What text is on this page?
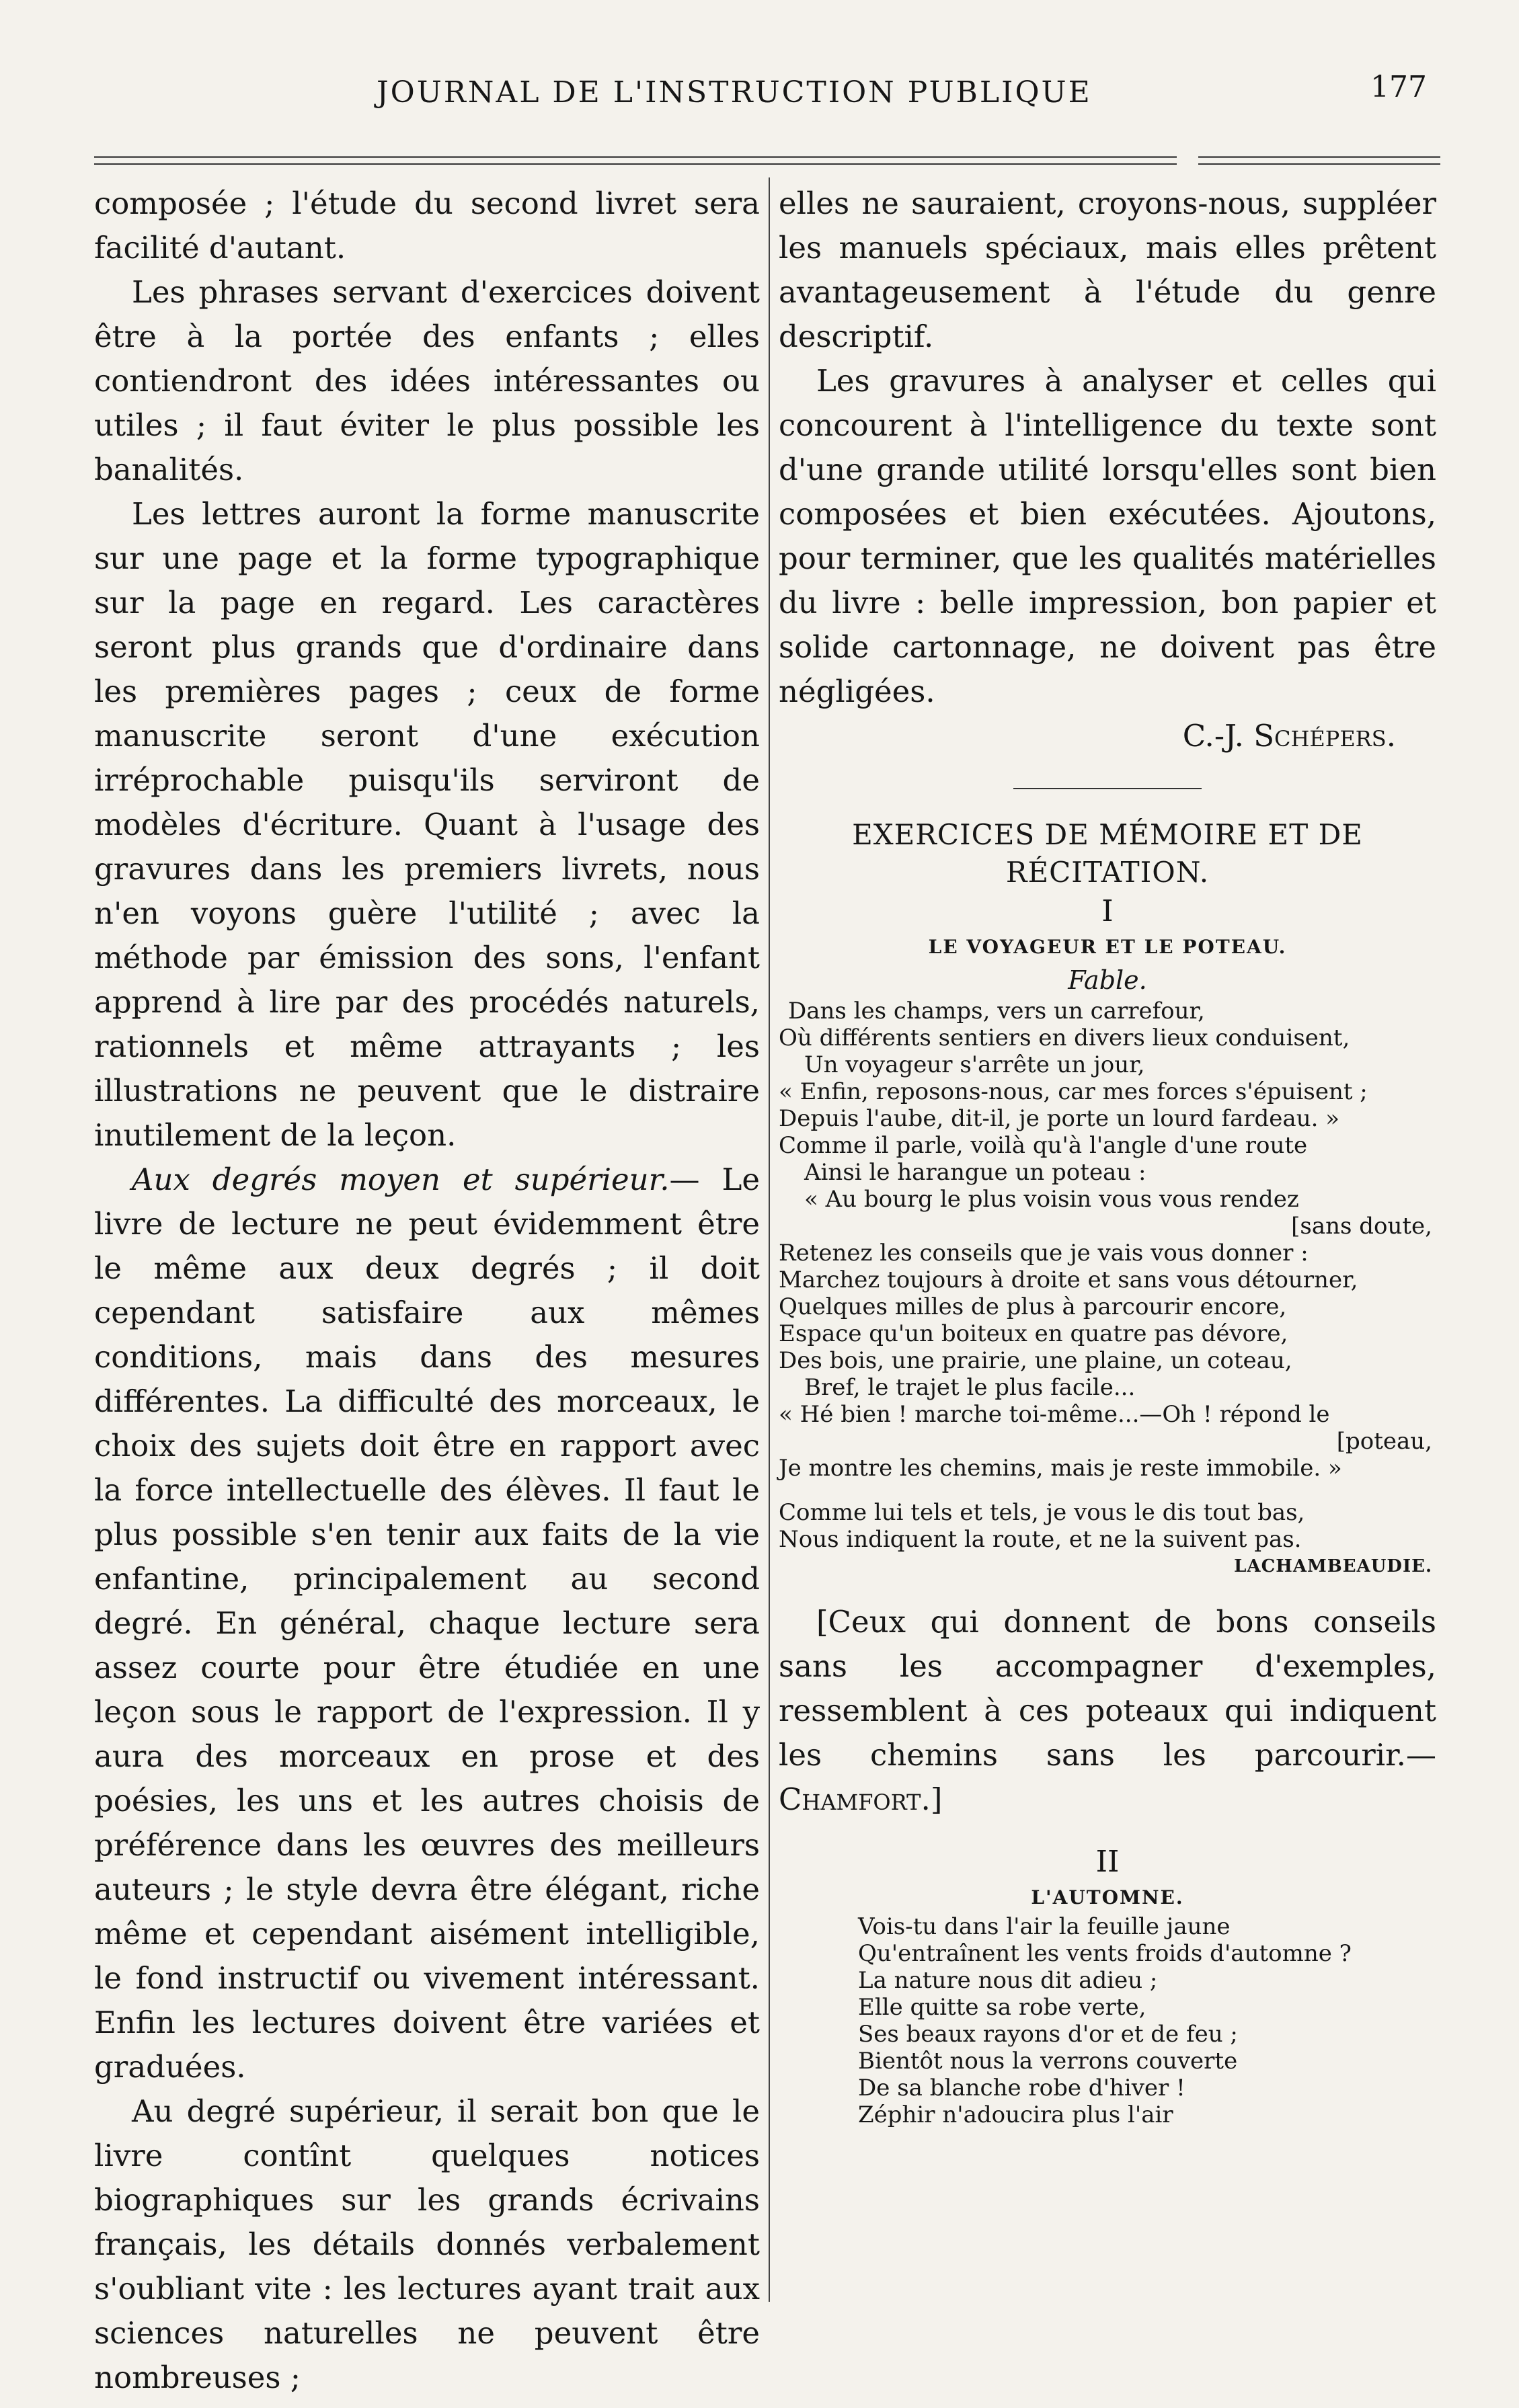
JOURNAL DE L'INSTRUCTION PUBLIQUE	177

composée ; l'étude du second livret sera facilité d'autant.

Les phrases servant d'exercices doivent être à la portée des enfants ; elles contiendront des idées intéressantes ou utiles ; il faut éviter le plus possible les banalités.

Les lettres auront la forme manuscrite sur une page et la forme typographique sur la page en regard. Les caractères seront plus grands que d'ordinaire dans les premières pages ; ceux de forme manuscrite seront d'une exécution irréprochable puisqu'ils serviront de modèles d'écriture. Quant à l'usage des gravures dans les premiers livrets, nous n'en voyons guère l'utilité ; avec la méthode par émission des sons, l'enfant apprend à lire par des procédés naturels, rationnels et même attrayants ; les illustrations ne peuvent que le distraire inutilement de la leçon.

Aux degrés moyen et supérieur.— Le livre de lecture ne peut évidemment être le même aux deux degrés ; il doit cependant satisfaire aux mêmes conditions, mais dans des mesures différentes. La difficulté des morceaux, le choix des sujets doit être en rapport avec la force intellectuelle des élèves. Il faut le plus possible s'en tenir aux faits de la vie enfantine, principalement au second degré. En général, chaque lecture sera assez courte pour être étudiée en une leçon sous le rapport de l'expression. Il y aura des morceaux en prose et des poésies, les uns et les autres choisis de préférence dans les œuvres des meilleurs auteurs ; le style devra être élégant, riche même et cependant aisément intelligible, le fond instructif ou vivement intéressant. Enfin les lectures doivent être variées et graduées.

Au degré supérieur, il serait bon que le livre contînt quelques notices biographiques sur les grands écrivains français, les détails donnés verbalement s'oubliant vite : les lectures ayant trait aux sciences naturelles ne peuvent être nombreuses ;

elles ne sauraient, croyons-nous, suppléer les manuels spéciaux, mais elles prêtent avantageusement à l'étude du genre descriptif.

Les gravures à analyser et celles qui concourent à l'intelligence du texte sont d'une grande utilité lorsqu'elles sont bien composées et bien exécutées. Ajoutons, pour terminer, que les qualités matérielles du livre : belle impression, bon papier et solide cartonnage, ne doivent pas être négligées.

C.-J. Schépers.

EXERCICES DE MÉMOIRE ET DE

RÉCITATION.

I

LE VOYAGEUR ET LE POTEAU.

Fable.

Dans les champs, vers un carrefour,

Où différents sentiers en divers lieux conduisent,

Un voyageur s'arrête un jour,

« Enfin, reposons-nous, car mes forces s'épuisent ;

Depuis l'aube, dit-il, je porte un lourd fardeau. »

Comme il parle, voilà qu'à l'angle d'une route

Ainsi le harangue un poteau :

« Au bourg le plus voisin vous vous rendez

[sans doute,

Retenez les conseils que je vais vous donner :

Marchez toujours à droite et sans vous détourner,

Quelques milles de plus à parcourir encore,

Espace qu'un boiteux en quatre pas dévore,

Des bois, une prairie, une plaine, un coteau,

Bref, le trajet le plus facile...

« Hé bien ! marche toi-même...—Oh ! répond le

[poteau,

Je montre les chemins, mais je reste immobile. »

Comme lui tels et tels, je vous le dis tout bas,

Nous indiquent la route, et ne la suivent pas.

LACHAMBEAUDIE.

[Ceux qui donnent de bons conseils sans les accompagner d'exemples, ressemblent à ces poteaux qui indiquent les chemins sans les parcourir.—Chamfort.]

II

L'AUTOMNE.

Vois-tu dans l'air la feuille jaune

Qu'entraînent les vents froids d'automne ?

La nature nous dit adieu ;

Elle quitte sa robe verte,

Ses beaux rayons d'or et de feu ;

Bientôt nous la verrons couverte

De sa blanche robe d'hiver !

Zéphir n'adoucira plus l'air
